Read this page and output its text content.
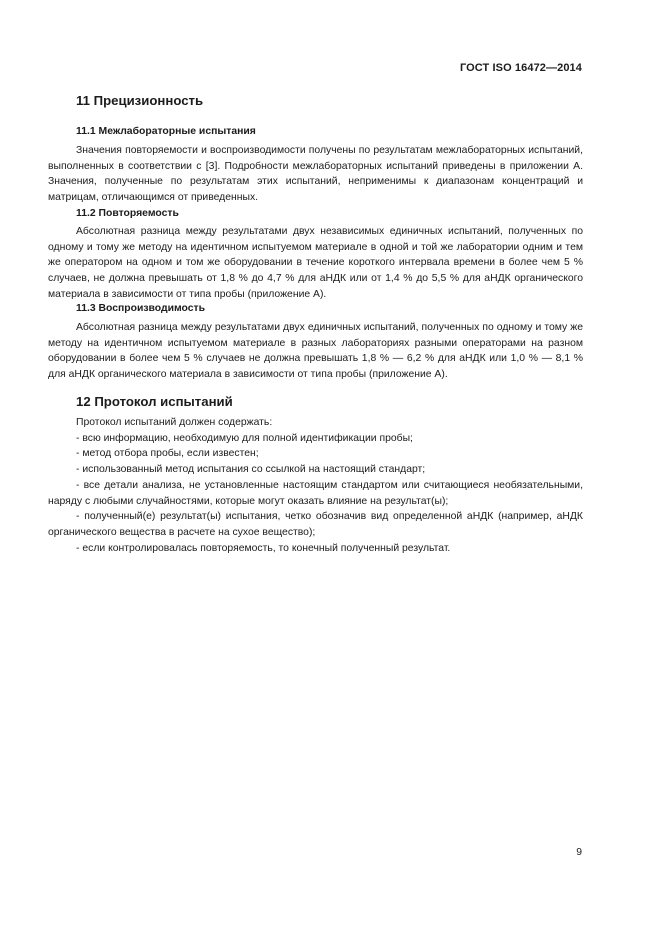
ГОСТ ISO 16472—2014
11 Прецизионность
11.1 Межлабораторные испытания

Значения повторяемости и воспроизводимости получены по результатам межлабораторных испытаний, выполненных в соответствии с [3]. Подробности межлабораторных испытаний приведены в приложении А. Значения, полученные по результатам этих испытаний, неприменимы к диапазонам концентраций и матрицам, отличающимся от приведенных.

11.2 Повторяемость

Абсолютная разница между результатами двух независимых единичных испытаний, полученных по одному и тому же методу на идентичном испытуемом материале в одной и той же лаборатории одним и тем же оператором на одном и том же оборудовании в течение короткого интервала времени в более чем 5 % случаев, не должна превышать от 1,8 % до 4,7 % для аНДК или от 1,4 % до 5,5 % для аНДК органического материала в зависимости от типа пробы (приложение А).

11.3 Воспроизводимость

Абсолютная разница между результатами двух единичных испытаний, полученных по одному и тому же методу на идентичном испытуемом материале в разных лабораториях разными операторами на разном оборудовании в более чем 5 % случаев не должна превышать 1,8 % — 6,2 % для аНДК или 1,0 % — 8,1 % для аНДК органического материала в зависимости от типа пробы (приложение А).

12 Протокол испытаний

Протокол испытаний должен содержать:

- всю информацию, необходимую для полной идентификации пробы;

- метод отбора пробы, если известен;

- использованный метод испытания со ссылкой на настоящий стандарт;

- все детали анализа, не установленные настоящим стандартом или считающиеся необязательными, наряду с любыми случайностями, которые могут оказать влияние на результат(ы);

- полученный(е) результат(ы) испытания, четко обозначив вид определенной аНДК (например, аНДК органического вещества в расчете на сухое вещество);

- если контролировалась повторяемость, то конечный полученный результат.

9
